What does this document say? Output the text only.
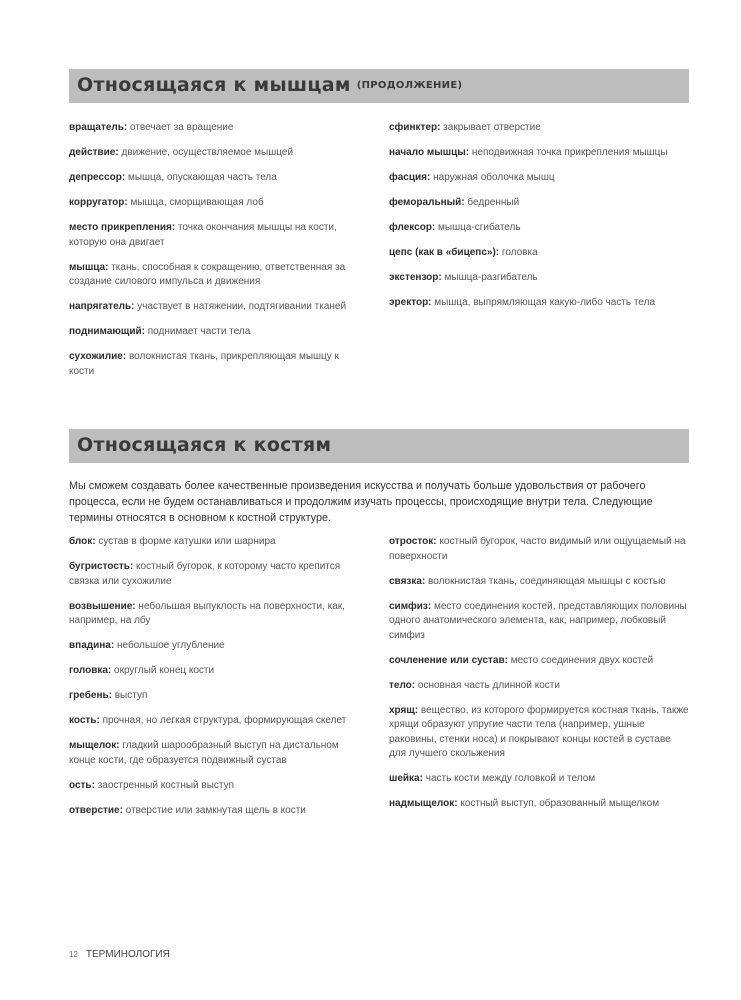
Относящаяся к мышцам (ПРОДОЛЖЕНИЕ)

вращатель: отвечает за вращение

действие: движение, осуществляемое мышцей

депрессор: мышца, опускающая часть тела

корругатор: мышца, сморщивающая лоб

место прикрепления: точка окончания мышцы на кости, которую она двигает

мышца: ткань, способная к сокращению, ответственная за создание силового импульса и движения

напрягатель: участвует в натяжении, подтягивании тканей

поднимающий: поднимает части тела

сухожилие: волокнистая ткань, прикрепляющая мышцу к кости

сфинктер: закрывает отверстие

начало мышцы: неподвижная точка прикрепления мышцы

фасция: наружная оболочка мышц

феморальный: бедренный

флексор: мышца-сгибатель

цепс (как в «бицепс»): головка

экстензор: мышца-разгибатель

эректор: мышца, выпрямляющая какую-либо часть тела

Относящаяся к костям

Мы сможем создавать более качественные произведения искусства и получать больше удовольствия от рабочего процесса, если не будем останавливаться и продолжим изучать процессы, происходящие внутри тела. Следующие термины относятся в основном к костной структуре.

блок: сустав в форме катушки или шарнира

бугристость: костный бугорок, к которому часто крепится связка или сухожилие

возвышение: небольшая выпуклость на поверхности, как, например, на лбу

впадина: небольшое углубление

головка: округлый конец кости

гребень: выступ

кость: прочная, но легкая структура, формирующая скелет

мыщелок: гладкий шарообразный выступ на дистальном конце кости, где образуется подвижный сустав

ость: заостренный костный выступ

отверстие: отверстие или замкнутая щель в кости

отросток: костный бугорок, часто видимый или ощущаемый на поверхности

связка: волокнистая ткань, соединяющая мышцы с костью

симфиз: место соединения костей, представляющих половины одного анатомического элемента, как, например, лобковый симфиз

сочленение или сустав: место соединения двух костей

тело: основная часть длинной кости

хрящ: вещество, из которого формируется костная ткань, также хрящи образуют упругие части тела (например, ушные раковины, стенки носа) и покрывают концы костей в суставе для лучшего скольжения

шейка: часть кости между головкой и телом

надмыщелок: костный выступ, образованный мыщелком

12 ТЕРМИНОЛОГИЯ
